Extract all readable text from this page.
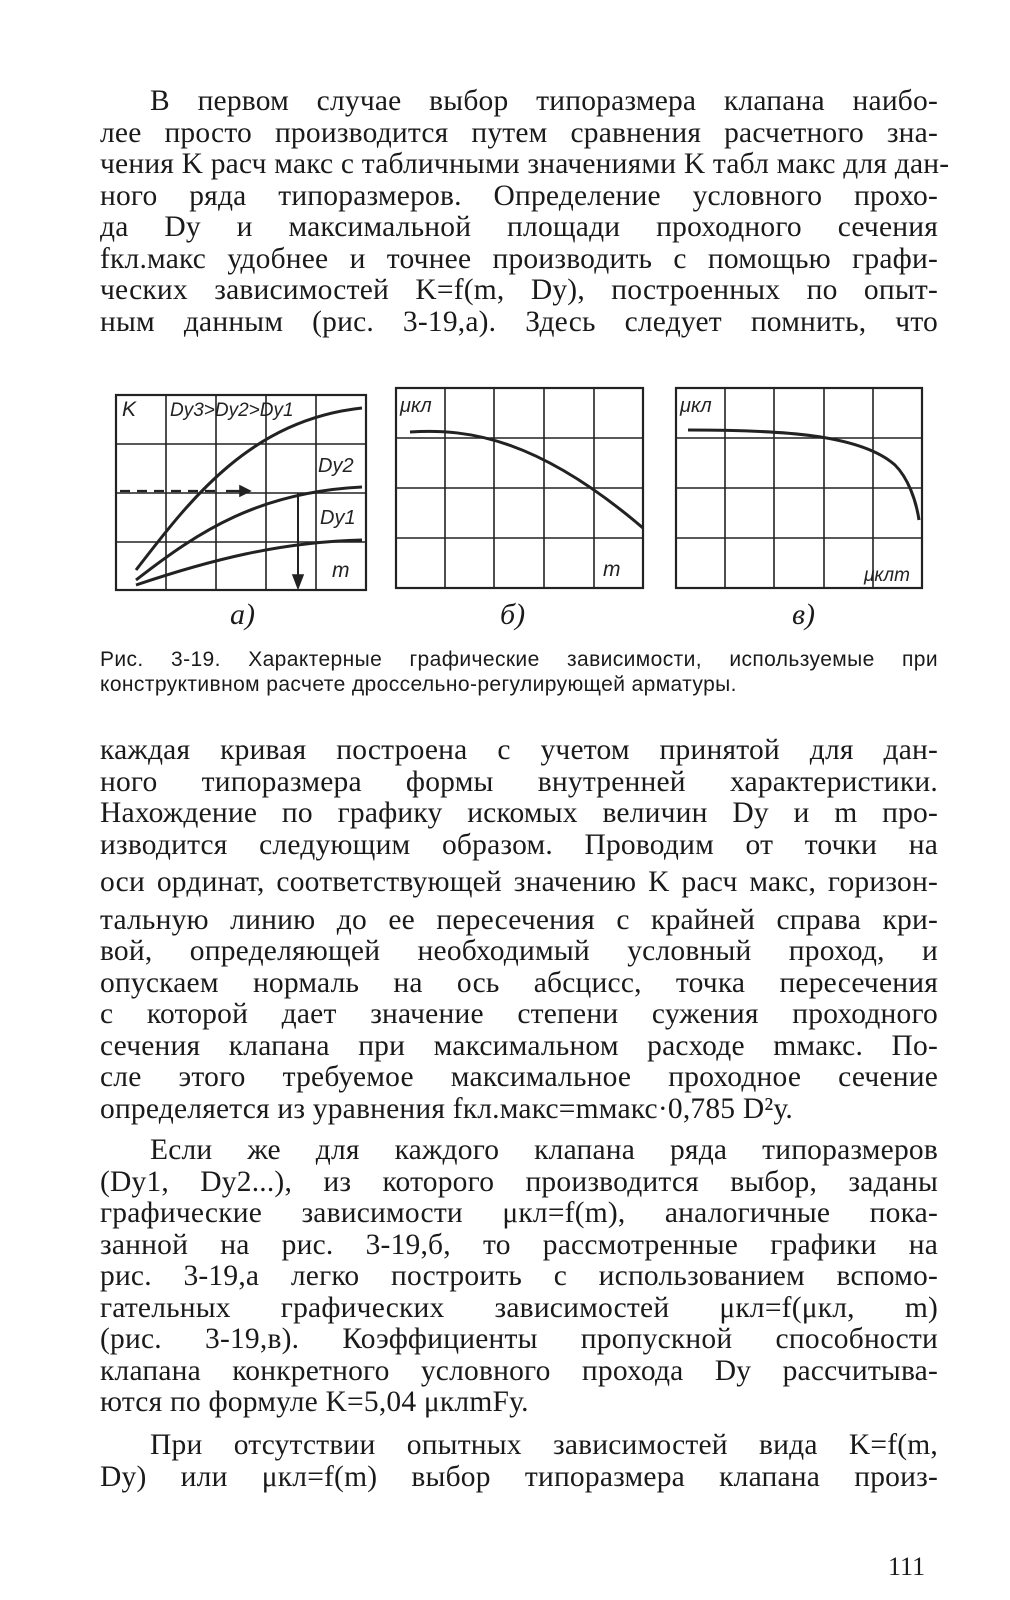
В первом случае выбор типоразмера клапана наибо-
лее просто производится путем сравнения расчетного зна-
чения K расч макс с табличными значениями K табл макс для дан-
ного ряда типоразмеров. Определение условного прохо-
да Dу и максимальной площади проходного сечения
fкл.макс удобнее и точнее производить с помощью графи-
ческих зависимостей K=f(m, Dу), построенных по опыт-
ным данным (рис. 3-19,а). Здесь следует помнить, что
K Dу3>Dу2>Dу1
Dу2
Dу1
m
μкл
m
μкл
μклm
а)	б)	в)
Рис. 3-19. Характерные графические зависимости, используемые при
конструктивном расчете дроссельно-регулирующей арматуры.
каждая кривая построена с учетом принятой для дан-
ного типоразмера формы внутренней характеристики.
Нахождение по графику искомых величин Dу и m про-
изводится следующим образом. Проводим от точки на
оси ординат, соответствующей значению K расч макс, горизон-
тальную линию до ее пересечения с крайней справа кри-
вой, определяющей необходимый условный проход, и
опускаем нормаль на ось абсцисс, точка пересечения
с которой дает значение степени сужения проходного
сечения клапана при максимальном расходе mмакс. По-
сле этого требуемое максимальное проходное сечение
определяется из уравнения fкл.макс=mмакс·0,785 D²у.
Если же для каждого клапана ряда типоразмеров
(Dу1, Dу2...), из которого производится выбор, заданы
графические зависимости μкл=f(m), аналогичные пока-
занной на рис. 3-19,б, то рассмотренные графики на
рис. 3-19,а легко построить с использованием вспомо-
гательных графических зависимостей μкл=f(μкл, m)
(рис. 3-19,в). Коэффициенты пропускной способности
клапана конкретного условного прохода Dу рассчитыва-
ются по формуле K=5,04 μклmFу.
При отсутствии опытных зависимостей вида K=f(m,
Dу) или μкл=f(m) выбор типоразмера клапана произ-
111
